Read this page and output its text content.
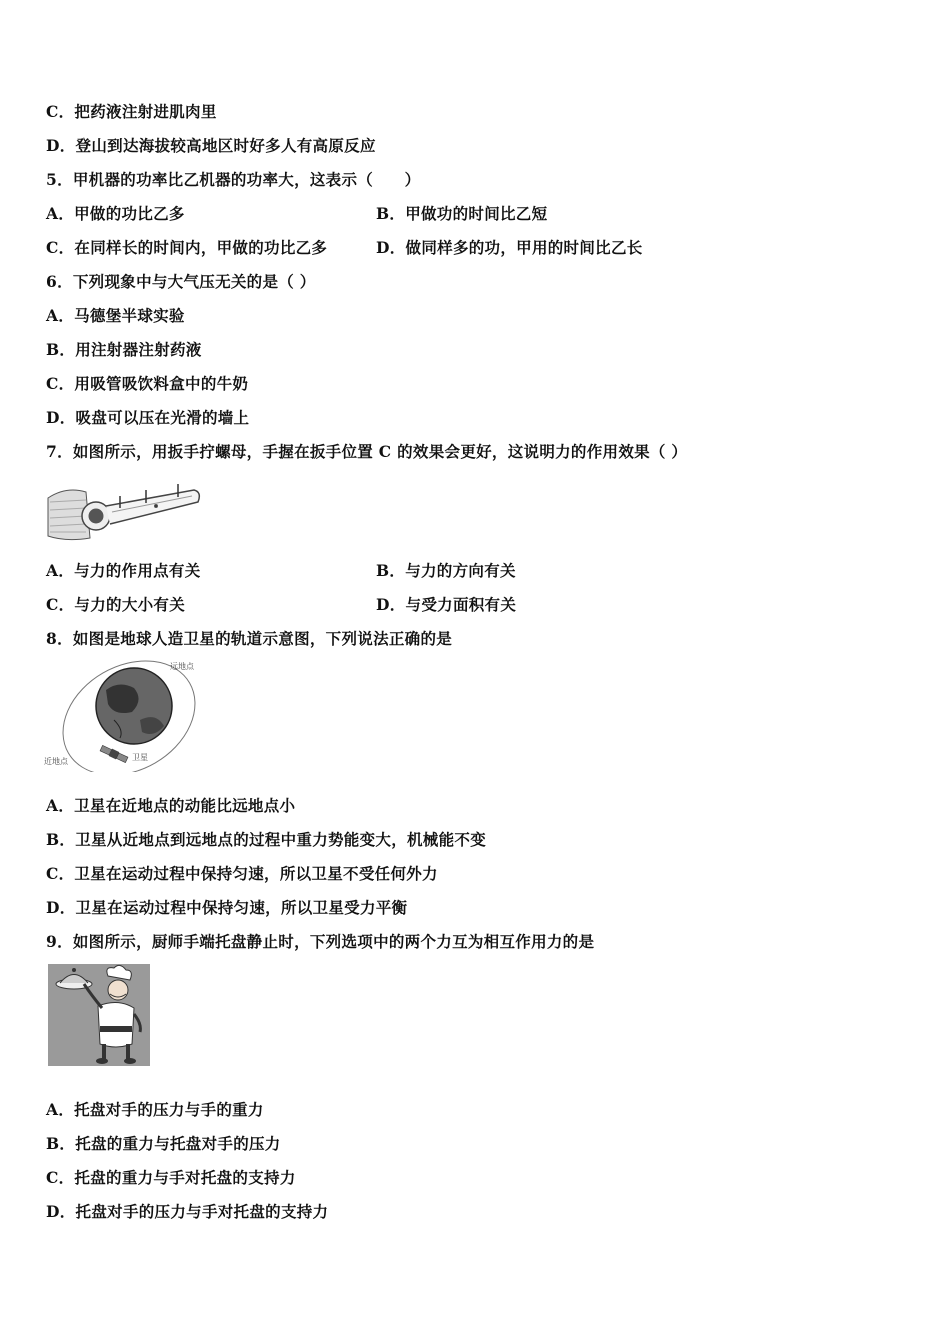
C．把药液注射进肌肉里
D．登山到达海拔较高地区时好多人有高原反应
5．甲机器的功率比乙机器的功率大，这表示（　　）
A．甲做的功比乙多	B．甲做功的时间比乙短
C．在同样长的时间内，甲做的功比乙多	D．做同样多的功，甲用的时间比乙长
6．下列现象中与大气压无关的是（ ）
A．马德堡半球实验
B．用注射器注射药液
C．用吸管吸饮料盒中的牛奶
D．吸盘可以压在光滑的墙上
7．如图所示，用扳手拧螺母，手握在扳手位置 C 的效果会更好，这说明力的作用效果（ ）
A．与力的作用点有关	B．与力的方向有关
C．与力的大小有关	D．与受力面积有关
8．如图是地球人造卫星的轨道示意图，下列说法正确的是
远地点
近地点	卫星
A．卫星在近地点的动能比远地点小
B．卫星从近地点到远地点的过程中重力势能变大，机械能不变
C．卫星在运动过程中保持匀速，所以卫星不受任何外力
D．卫星在运动过程中保持匀速，所以卫星受力平衡
9．如图所示，厨师手端托盘静止时，下列选项中的两个力互为相互作用力的是
A．托盘对手的压力与手的重力
B．托盘的重力与托盘对手的压力
C．托盘的重力与手对托盘的支持力
D．托盘对手的压力与手对托盘的支持力
